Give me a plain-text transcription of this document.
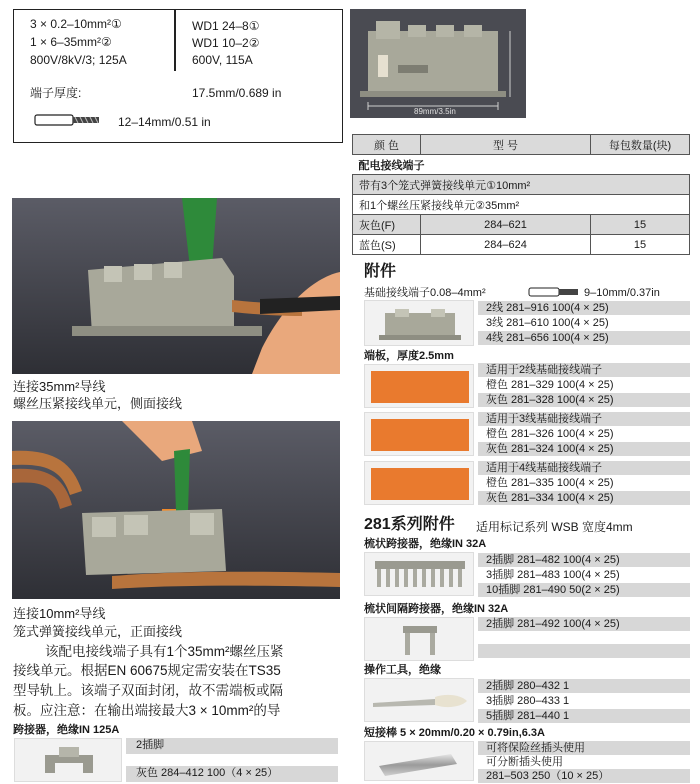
3 × 0.2–10mm²①
1 × 6–35mm²②
800V/8kV/3; 125A
WD1 24–8①
WD1 10–2②
600V, 115A
端子厚度:	17.5mm/0.689 in
12–14mm/0.51 in
89mm/3.5in
颜 色	型 号	每包数量(块)
配电接线端子		
带有3个笼式弹簧接线单元①10mm²		
和1个螺丝压紧接线单元②35mm²		
灰色(F)	284–621	15
蓝色(S)	284–624	15
连接35mm²导线
螺丝压紧接线单元，侧面接线
连接10mm²导线
笼式弹簧接线单元，正面接线
该配电接线端子具有1个35mm²螺丝压紧
接线单元。根据EN 60675规定需安装在TS35
型导轨上。该端子双面封闭，故不需端板或隔
板。应注意：在输出端接最大3 × 10mm²的导
跨接器，绝缘IN 125A
2插脚
灰色 284–412 100（4 × 25）
附件
基础接线端子0.08–4mm²	9–10mm/0.37in
2线 281–916 100(4 × 25)
3线 281–610 100(4 × 25)
4线 281–656 100(4 × 25)
端板，厚度2.5mm
适用于2线基础接线端子
橙色 281–329 100(4 × 25)
灰色 281–328 100(4 × 25)
适用于3线基础接线端子
橙色 281–326 100(4 × 25)
灰色 281–324 100(4 × 25)
适用于4线基础接线端子
橙色 281–335 100(4 × 25)
灰色 281–334 100(4 × 25)
281系列附件 适用标记系列 WSB 宽度4mm
梳状跨接器，绝缘IN 32A
2插脚 281–482 100(4 × 25)
3插脚 281–483 100(4 × 25)
10插脚 281–490 50(2 × 25)
梳状间隔跨接器，绝缘IN 32A
2插脚 281–492 100(4 × 25)
操作工具，绝缘
2插脚 280–432 1
3插脚 280–433 1
5插脚 281–440 1
短接棒 5 × 20mm/0.20 × 0.79in,6.3A
可将保险丝插头使用
可分断插头使用
281–503 250（10 × 25）
